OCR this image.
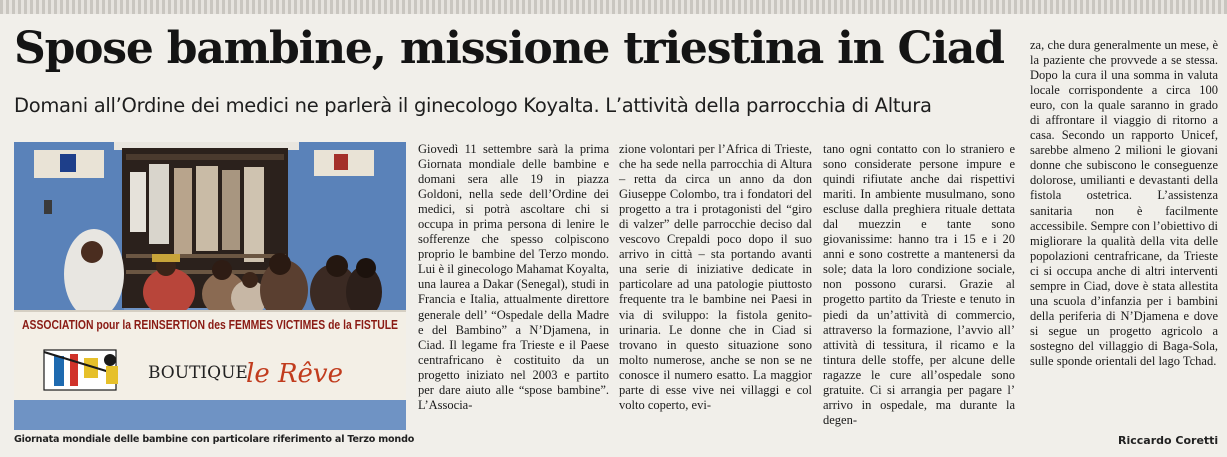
Spose bambine, missione triestina in Ciad
Domani all’Ordine dei medici ne parlerà il ginecologo Koyalta. L’attività della parrocchia di Altura
ASSOCIATION pour la REINSERTION des FEMMES VICTIMES de la FISTULE
BOUTIQUE
le Rêve
Giornata mondiale delle bambine con particolare riferimento al Terzo mondo

Giovedì 11 settembre sarà la prima Giornata mondiale delle bambine e domani sera alle 19 in piazza Goldoni, nella sede dell’Ordine dei medici, si potrà ascoltare chi si occupa in prima persona di lenire le sofferenze che spesso colpiscono proprio le bambine del Terzo mondo. Lui è il ginecologo Mahamat Koyalta, una laurea a Dakar (Senegal), studi in Francia e Italia, attualmente direttore generale dell’ “Ospedale della Madre e del Bambino” a N’Djamena, in Ciad. Il legame fra Trieste e il Paese centrafricano è costituito da un progetto iniziato nel 2003 e partito per dare aiuto alle “spose bambine”. L’Associa-

zione volontari per l’Africa di Trieste, che ha sede nella parrocchia di Altura – retta da circa un anno da don Giuseppe Colombo, tra i fondatori del progetto a tra i protagonisti del “giro di valzer” delle parrocchie deciso dal vescovo Crepaldi poco dopo il suo arrivo in città – sta portando avanti una serie di iniziative dedicate in particolare ad una patologie piuttosto frequente tra le bambine nei Paesi in via di sviluppo: la fistola genito-urinaria. Le donne che in Ciad si trovano in questo situazione sono molto numerose, anche se non se ne conosce il numero esatto. La maggior parte di esse vive nei villaggi e col volto coperto, evi-

tano ogni contatto con lo straniero e sono considerate persone impure e quindi rifiutate anche dai rispettivi mariti. In ambiente musulmano, sono escluse dalla preghiera rituale dettata dal muezzin e tante sono giovanissime: hanno tra i 15 e i 20 anni e sono costrette a mantenersi da sole; data la loro condizione sociale, non possono curarsi. Grazie al progetto partito da Trieste e tenuto in piedi da un’attività di commercio, attraverso la formazione, l’avvio all’ attività di tessitura, il ricamo e la tintura delle stoffe, per alcune delle ragazze le cure all’ospedale sono gratuite. Ci si arrangia per pagare l’ arrivo in ospedale, ma durante la degen-

za, che dura generalmente un mese, è la paziente che provvede a se stessa. Dopo la cura il una somma in valuta locale corrispondente a circa 100 euro, con la quale saranno in grado di affrontare il viaggio di ritorno a casa. Secondo un rapporto Unicef, sarebbe almeno 2 milioni le giovani donne che subiscono le conseguenze dolorose, umilianti e devastanti della fistola ostetrica. L’assistenza sanitaria non è facilmente accessibile. Sempre con l’obiettivo di migliorare la qualità della vita delle popolazioni centrafricane, da Trieste ci si occupa anche di altri interventi sempre in Ciad, dove è stata allestita una scuola d’infanzia per i bambini della periferia di N’Djamena e dove si segue un progetto agricolo a sostegno del villaggio di Baga-Sola, sulle sponde orientali del lago Tchad.

Riccardo Coretti
